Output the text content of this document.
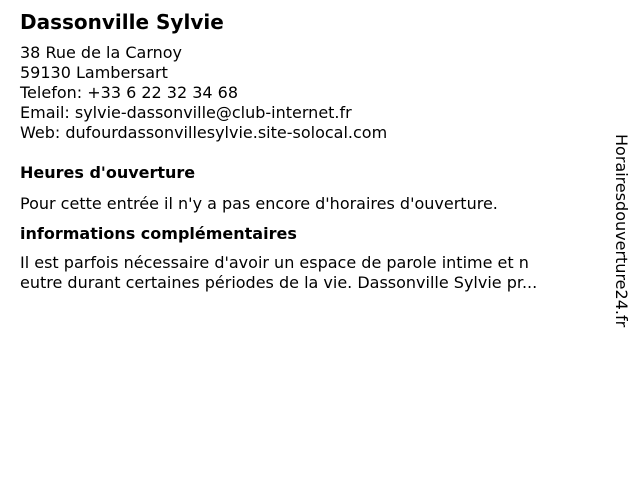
Dassonville Sylvie
38 Rue de la Carnoy
59130 Lambersart
Telefon: +33 6 22 32 34 68
Email: sylvie-dassonville@club-internet.fr
Web: dufourdassonvillesylvie.site-solocal.com
Heures d'ouverture
Pour cette entrée il n'y a pas encore d'horaires d'ouverture.
informations complémentaires
Il est parfois nécessaire d'avoir un espace de parole intime et n
eutre durant certaines périodes de la vie. Dassonville Sylvie pr...	Horairesdouverture24.fr
